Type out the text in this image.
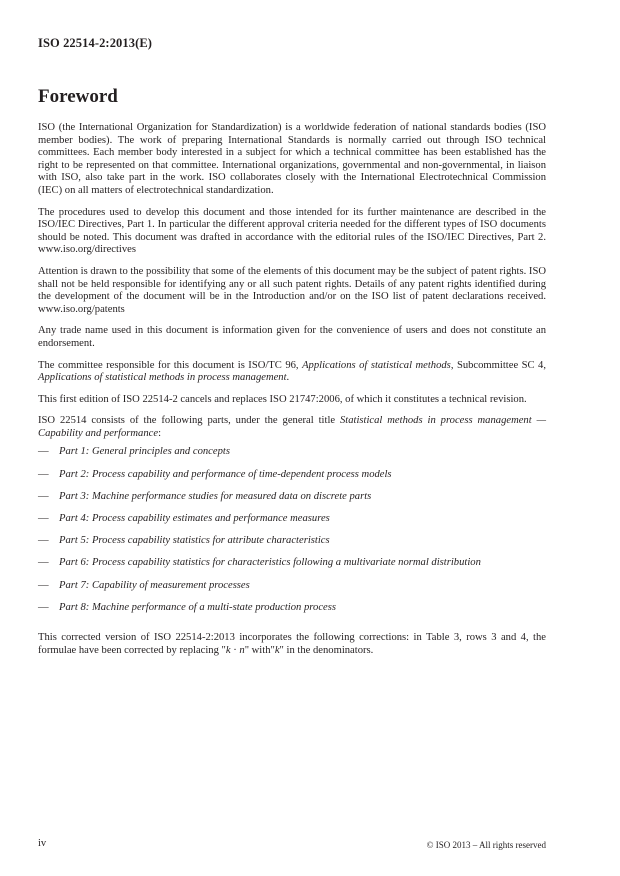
ISO 22514-2:2013(E)
Foreword

ISO (the International Organization for Standardization) is a worldwide federation of national standards bodies (ISO member bodies). The work of preparing International Standards is normally carried out through ISO technical committees. Each member body interested in a subject for which a technical committee has been established has the right to be represented on that committee. International organizations, governmental and non-governmental, in liaison with ISO, also take part in the work. ISO collaborates closely with the International Electrotechnical Commission (IEC) on all matters of electrotechnical standardization.

The procedures used to develop this document and those intended for its further maintenance are described in the ISO/IEC Directives, Part 1. In particular the different approval criteria needed for the different types of ISO documents should be noted. This document was drafted in accordance with the editorial rules of the ISO/IEC Directives, Part 2. www.iso.org/directives

Attention is drawn to the possibility that some of the elements of this document may be the subject of patent rights. ISO shall not be held responsible for identifying any or all such patent rights. Details of any patent rights identified during the development of the document will be in the Introduction and/or on the ISO list of patent declarations received. www.iso.org/patents

Any trade name used in this document is information given for the convenience of users and does not constitute an endorsement.

The committee responsible for this document is ISO/TC 96, Applications of statistical methods, Subcommittee SC 4, Applications of statistical methods in process management.

This first edition of ISO 22514-2 cancels and replaces ISO 21747:2006, of which it constitutes a technical revision.

ISO 22514 consists of the following parts, under the general title Statistical methods in process management — Capability and performance:

— Part 1: General principles and concepts
— Part 2: Process capability and performance of time-dependent process models
— Part 3: Machine performance studies for measured data on discrete parts
— Part 4: Process capability estimates and performance measures
— Part 5: Process capability statistics for attribute characteristics
— Part 6: Process capability statistics for characteristics following a multivariate normal distribution
— Part 7: Capability of measurement processes
— Part 8: Machine performance of a multi-state production process

This corrected version of ISO 22514-2:2013 incorporates the following corrections: in Table 3, rows 3 and 4, the formulae have been corrected by replacing "k · n" with"k" in the denominators.

iv	© ISO 2013 – All rights reserved
